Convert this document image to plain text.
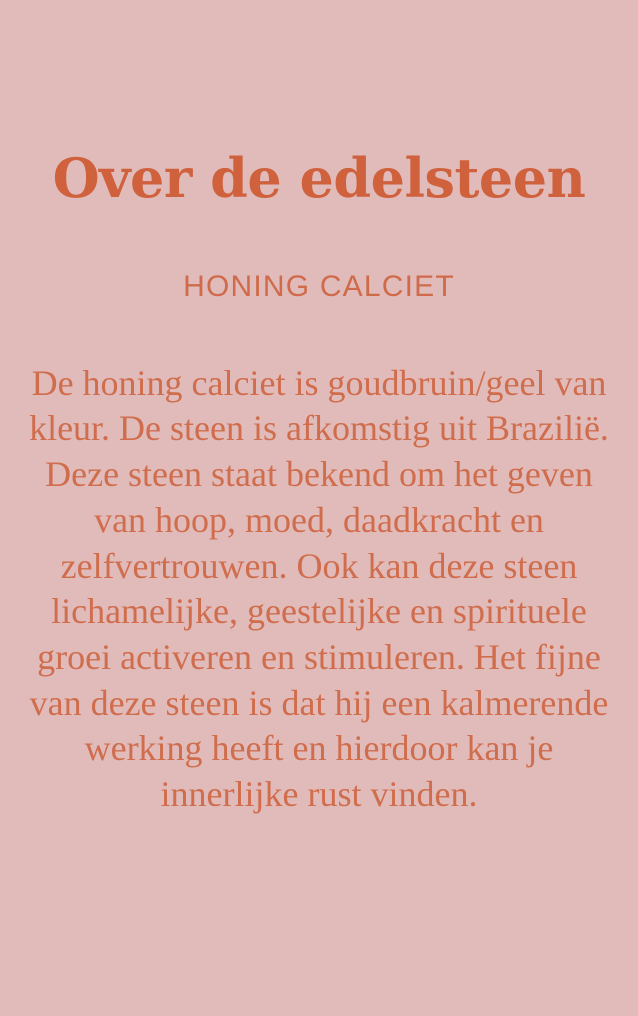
Over de edelsteen
HONING CALCIET

De honing calciet is goudbruin/geel van kleur. De steen is afkomstig uit Brazilië. Deze steen staat bekend om het geven van hoop, moed, daadkracht en zelfvertrouwen. Ook kan deze steen lichamelijke, geestelijke en spirituele groei activeren en stimuleren. Het fijne van deze steen is dat hij een kalmerende werking heeft en hierdoor kan je innerlijke rust vinden.
